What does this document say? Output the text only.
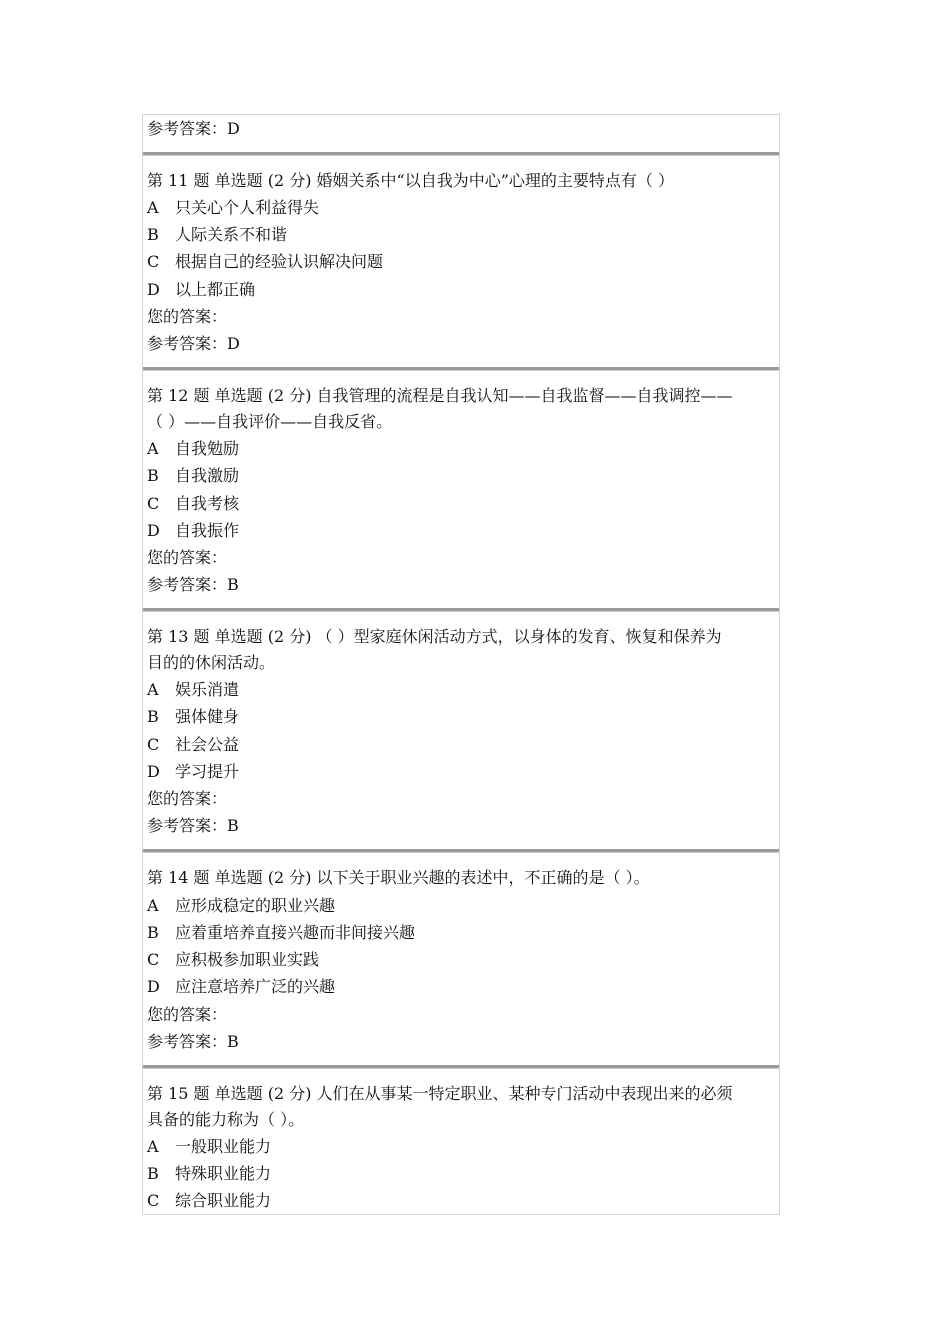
参考答案：D
第 11 题 单选题 (2 分) 婚姻关系中“以自我为中心”心理的主要特点有（ ）
A 只关心个人利益得失
B 人际关系不和谐
C 根据自己的经验认识解决问题
D 以上都正确
您的答案：
参考答案：D
第 12 题 单选题 (2 分) 自我管理的流程是自我认知——自我监督——自我调控——
（ ）——自我评价——自我反省。
A 自我勉励
B 自我激励
C 自我考核
D 自我振作
您的答案：
参考答案：B
第 13 题 单选题 (2 分) （ ）型家庭休闲活动方式，以身体的发育、恢复和保养为
目的的休闲活动。
A 娱乐消遣
B 强体健身
C 社会公益
D 学习提升
您的答案：
参考答案：B
第 14 题 单选题 (2 分) 以下关于职业兴趣的表述中，不正确的是（ ）。
A 应形成稳定的职业兴趣
B 应着重培养直接兴趣而非间接兴趣
C 应积极参加职业实践
D 应注意培养广泛的兴趣
您的答案：
参考答案：B
第 15 题 单选题 (2 分) 人们在从事某一特定职业、某种专门活动中表现出来的必须
具备的能力称为（ ）。
A 一般职业能力
B 特殊职业能力
C 综合职业能力
